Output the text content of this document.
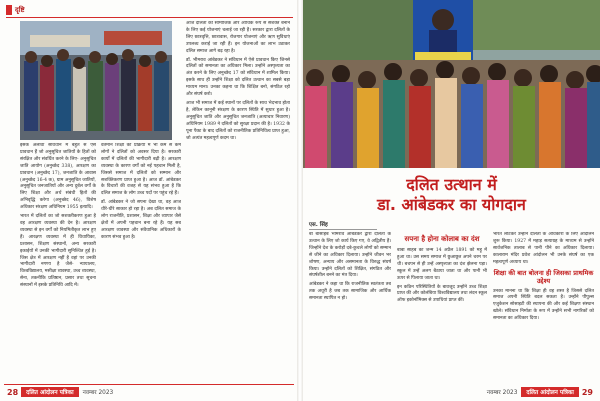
दृष्टि

इसके अलावा संविधान में बहुत से ऐसे प्रावधान हैं जो अनुसूचित जातियों के हितों को संरक्षित और संवर्धित करने के लिए- अनुसूचित जाति आयोग (अनुच्छेद 338), आरक्षण का प्रावधान (अनुच्छेद 17), जनजाति के आवास (अनुच्छेद 16-4 क), ग्राम अनुसूचित जातियों, अनुसूचित जनजातियों और अन्य दुर्बल वर्गों के लिए शिक्षा और अर्थ संबंधी हितों की अभिवृद्धि करेगा (अनुच्छेद 46), विशेष अधिकार संरक्षण अधिनियम 1955 इत्यादि।

भारत में दलितों का जो सशक्तीकरण हुआ है वह आरक्षण व्यवस्था की देन है। आरक्षण व्यवस्था से इन वर्गों को नियमितीकृत लाभ हुए हैं। आरक्षण व्यवस्था में ही विधायिका, प्रशासन, शिक्षण संस्थानों, अन्य सरकारी इकाईयों में उनकी भागीदारी सुनिश्चित हुई है। जिस क्षेत्र में आरक्षण नहीं है वहां पर उनकी भागीदारी नगण्य है जैसे- न्यायालय, विश्वविद्यालय, मसीक्षा व्यवस्था, उच्च व्यवस्था, सेना, तकनीकि प्रतिष्ठान, प्रसार तथा सूचना संस्थानों में इसके प्रतिनिधि आदि में।

वर्तमान शिक्षा की प्रक्रिया में भी कम से कम लोगों ने दलितों को अवसर दिया है। सरकारी कार्यों में दलितों की भागीदारी बढ़ी है। आरक्षण व्यवस्था के कारण वर्गों को नई पहचान मिली है, जिससे समाज में दलितों को सम्मान और सशक्तिकरण प्राप्त हुआ है। आज डॉ. आंबेडकर के विचारों की वजह से यह संभव हुआ है कि दलित समाज के लोग उच्च पदों पर पहुंच रहे हैं।

डॉ. आंबेडकर ने जो सपना देखा था, वह आज धीरे-धीरे साकार हो रहा है। अब दलित समाज के लोग राजनीति, प्रशासन, शिक्षा और व्यापार जैसे क्षेत्रों में अपनी पहचान बना रहे हैं। यह सब आरक्षण व्यवस्था और संवैधानिक अधिकारों के कारण संभव हुआ है।

आज दलितों को सामाजिक और आर्थिक रूप से सशक्त बनाने के लिए कई योजनाएं चलाई जा रही हैं। सरकार द्वारा दलितों के लिए छात्रवृत्ति, छात्रावास, रोजगार योजनाएं और ऋण सुविधाएं उपलब्ध कराई जा रही हैं। इन योजनाओं का लाभ उठाकर दलित समाज आगे बढ़ रहा है।

डॉ. भीमराव आंबेडकर ने संविधान में ऐसे प्रावधान किए जिनसे दलितों को समानता का अधिकार मिला। उन्होंने अस्पृश्यता का अंत करने के लिए अनुच्छेद 17 को संविधान में शामिल किया। इसके साथ ही उन्होंने शिक्षा को दलित उत्थान का सबसे बड़ा माध्यम माना। उनका कहना था कि शिक्षित बनो, संगठित रहो और संघर्ष करो।

आज भी समाज में कई स्थानों पर दलितों के साथ भेदभाव होता है, लेकिन कानूनी संरक्षण के कारण स्थिति में सुधार हुआ है। अनुसूचित जाति और अनुसूचित जनजाति (अत्याचार निवारण) अधिनियम 1989 ने दलितों को सुरक्षा प्रदान की है। 1932 के पूना पैक्ट के बाद दलितों को राजनीतिक प्रतिनिधित्व प्राप्त हुआ, जो अत्यंत महत्वपूर्ण कदम था।

28	दलित आंदोलन पत्रिका	नवम्बर 2023
दलित उत्थान में
डा. आंबेडकर का योगदान
एस. सिंह

बा बासाहेब भीमराव आंबेडकर द्वारा दलितों के उत्थान के लिए जो कार्य किए गए, वे अद्वितीय हैं। जिन्होंने देश के करोड़ों दबे-कुचले लोगों को सम्मान से जीने का अधिकार दिलाया। उन्होंने जीवन भर शोषण, अन्याय और असमानता के विरुद्ध संघर्ष किया। उन्होंने दलितों को शिक्षित, संगठित और संघर्षशील बनने का मंत्र दिया।

आंबेडकर ने कहा था कि राजनीतिक स्वतंत्रता तब तक अधूरी है जब तक सामाजिक और आर्थिक समानता स्थापित न हो।

सपना है होना कोलाब का दंश

बाबा साहब का जन्म 14 अप्रैल 1891 को महू में हुआ था। उस समय समाज में छुआछूत अपने चरम पर थी। बचपन से ही उन्हें अस्पृश्यता का दंश झेलना पड़ा। स्कूल में उन्हें अलग बैठाया जाता था और पानी भी ऊपर से पिलाया जाता था।

इन कठिन परिस्थितियों के बावजूद उन्होंने उच्च शिक्षा प्राप्त की और कोलंबिया विश्वविद्यालय तथा लंदन स्कूल ऑफ इकोनॉमिक्स से उपाधियां प्राप्त कीं।

भारत लौटकर उन्होंने दलितों के अधिकारों के लिए आंदोलन शुरू किया। 1927 में महाड़ सत्याग्रह के माध्यम से उन्होंने सार्वजनिक तालाब से पानी पीने का अधिकार दिलाया। कालाराम मंदिर प्रवेश आंदोलन भी उनके संघर्ष का एक महत्वपूर्ण अध्याय था।

शिक्षा की बात बोलना ही जिसका प्राथमिक उद्देश्य

उनका मानना था कि शिक्षा ही वह शस्त्र है जिससे दलित समाज अपनी स्थिति बदल सकता है। उन्होंने पीपुल्स एजुकेशन सोसाइटी की स्थापना की और कई शिक्षण संस्थान खोले। संविधान निर्माता के रूप में उन्होंने सभी नागरिकों को समानता का अधिकार दिया।

नवम्बर 2023	दलित आंदोलन पत्रिका	29
